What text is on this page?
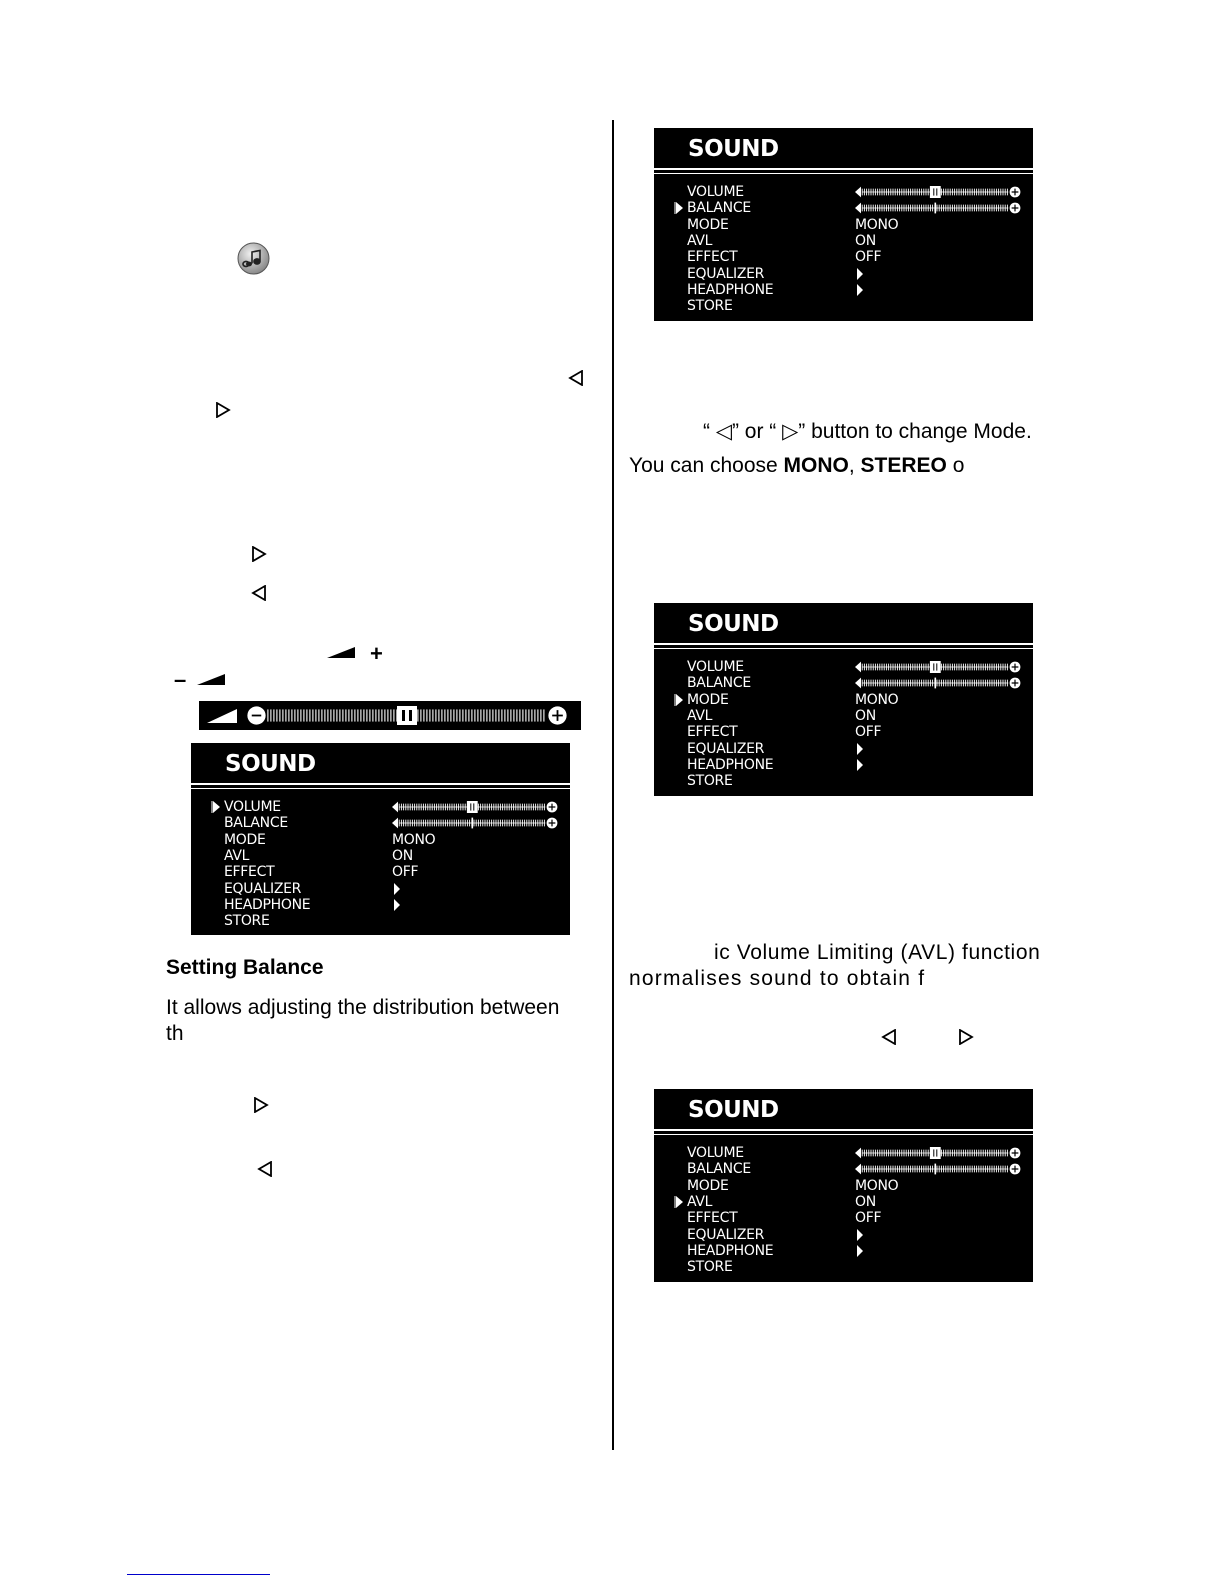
+
–
SOUND
VOLUME
BALANCE
MODE	MONO
AVL	ON
EFFECT	OFF
EQUALIZER
HEADPHONE
STORE
Setting Balance
It allows adjusting the distribution between
th
SOUND
VOLUME
BALANCE
MODE	MONO
AVL	ON
EFFECT	OFF
EQUALIZER
HEADPHONE
STORE
“ ◁” or “ ▷” button to change Mode.
You can choose MONO, STEREO o
SOUND
VOLUME
BALANCE
MODE	MONO
AVL	ON
EFFECT	OFF
EQUALIZER
HEADPHONE
STORE
ic Volume Limiting (AVL) function
normalises sound to obtain f
SOUND
VOLUME
BALANCE
MODE	MONO
AVL	ON
EFFECT	OFF
EQUALIZER
HEADPHONE
STORE
